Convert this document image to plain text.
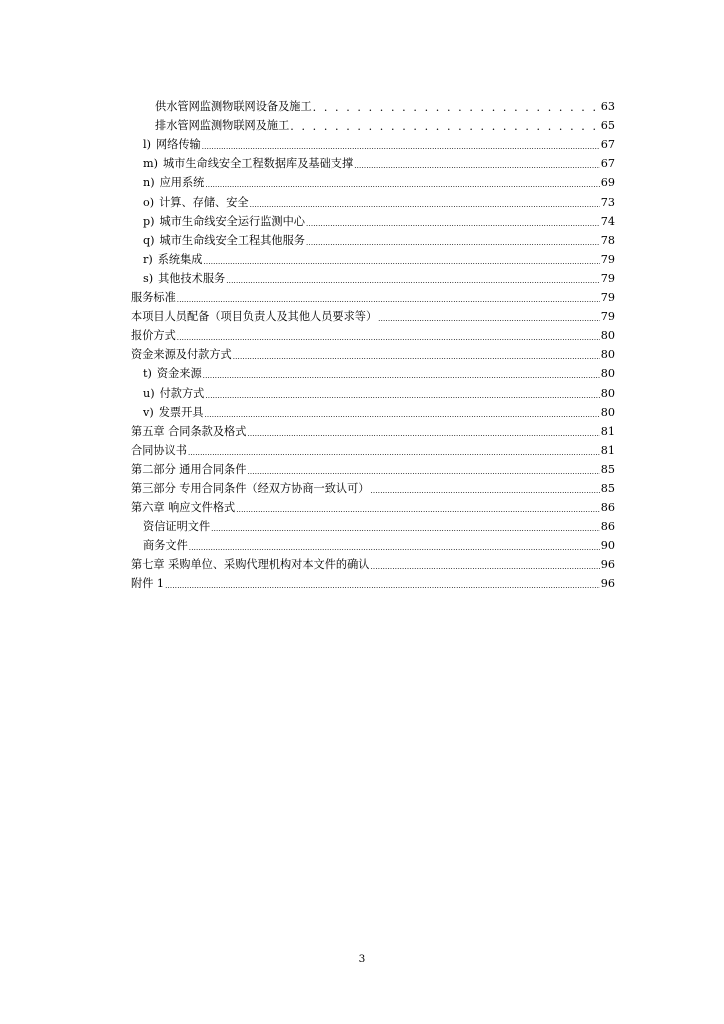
供水管网监测物联网设备及施工 . . .	63
排水管网监测物联网及施工 . . .	65
l) 网络传输 .....	67
m) 城市生命线安全工程数据库及基础支撑 .....	67
n) 应用系统 .....	69
o) 计算、存储、安全 .....	73
p) 城市生命线安全运行监测中心 .....	74
q) 城市生命线安全工程其他服务 .....	78
r) 系统集成 .....	79
s) 其他技术服务 .....	79
服务标准 .....	79
本项目人员配备（项目负责人及其他人员要求等） .....	79
报价方式 .....	80
资金来源及付款方式 .....	80
t) 资金来源 .....	80
u) 付款方式 .....	80
v) 发票开具 .....	80
第五章 合同条款及格式 .....	81
合同协议书 .....	81
第二部分 通用合同条件 .....	85
第三部分 专用合同条件（经双方协商一致认可） .....	85
第六章 响应文件格式 .....	86
资信证明文件 .....	86
商务文件 .....	90
第七章 采购单位、采购代理机构对本文件的确认 .....	96
附件 1 .....	96
3
